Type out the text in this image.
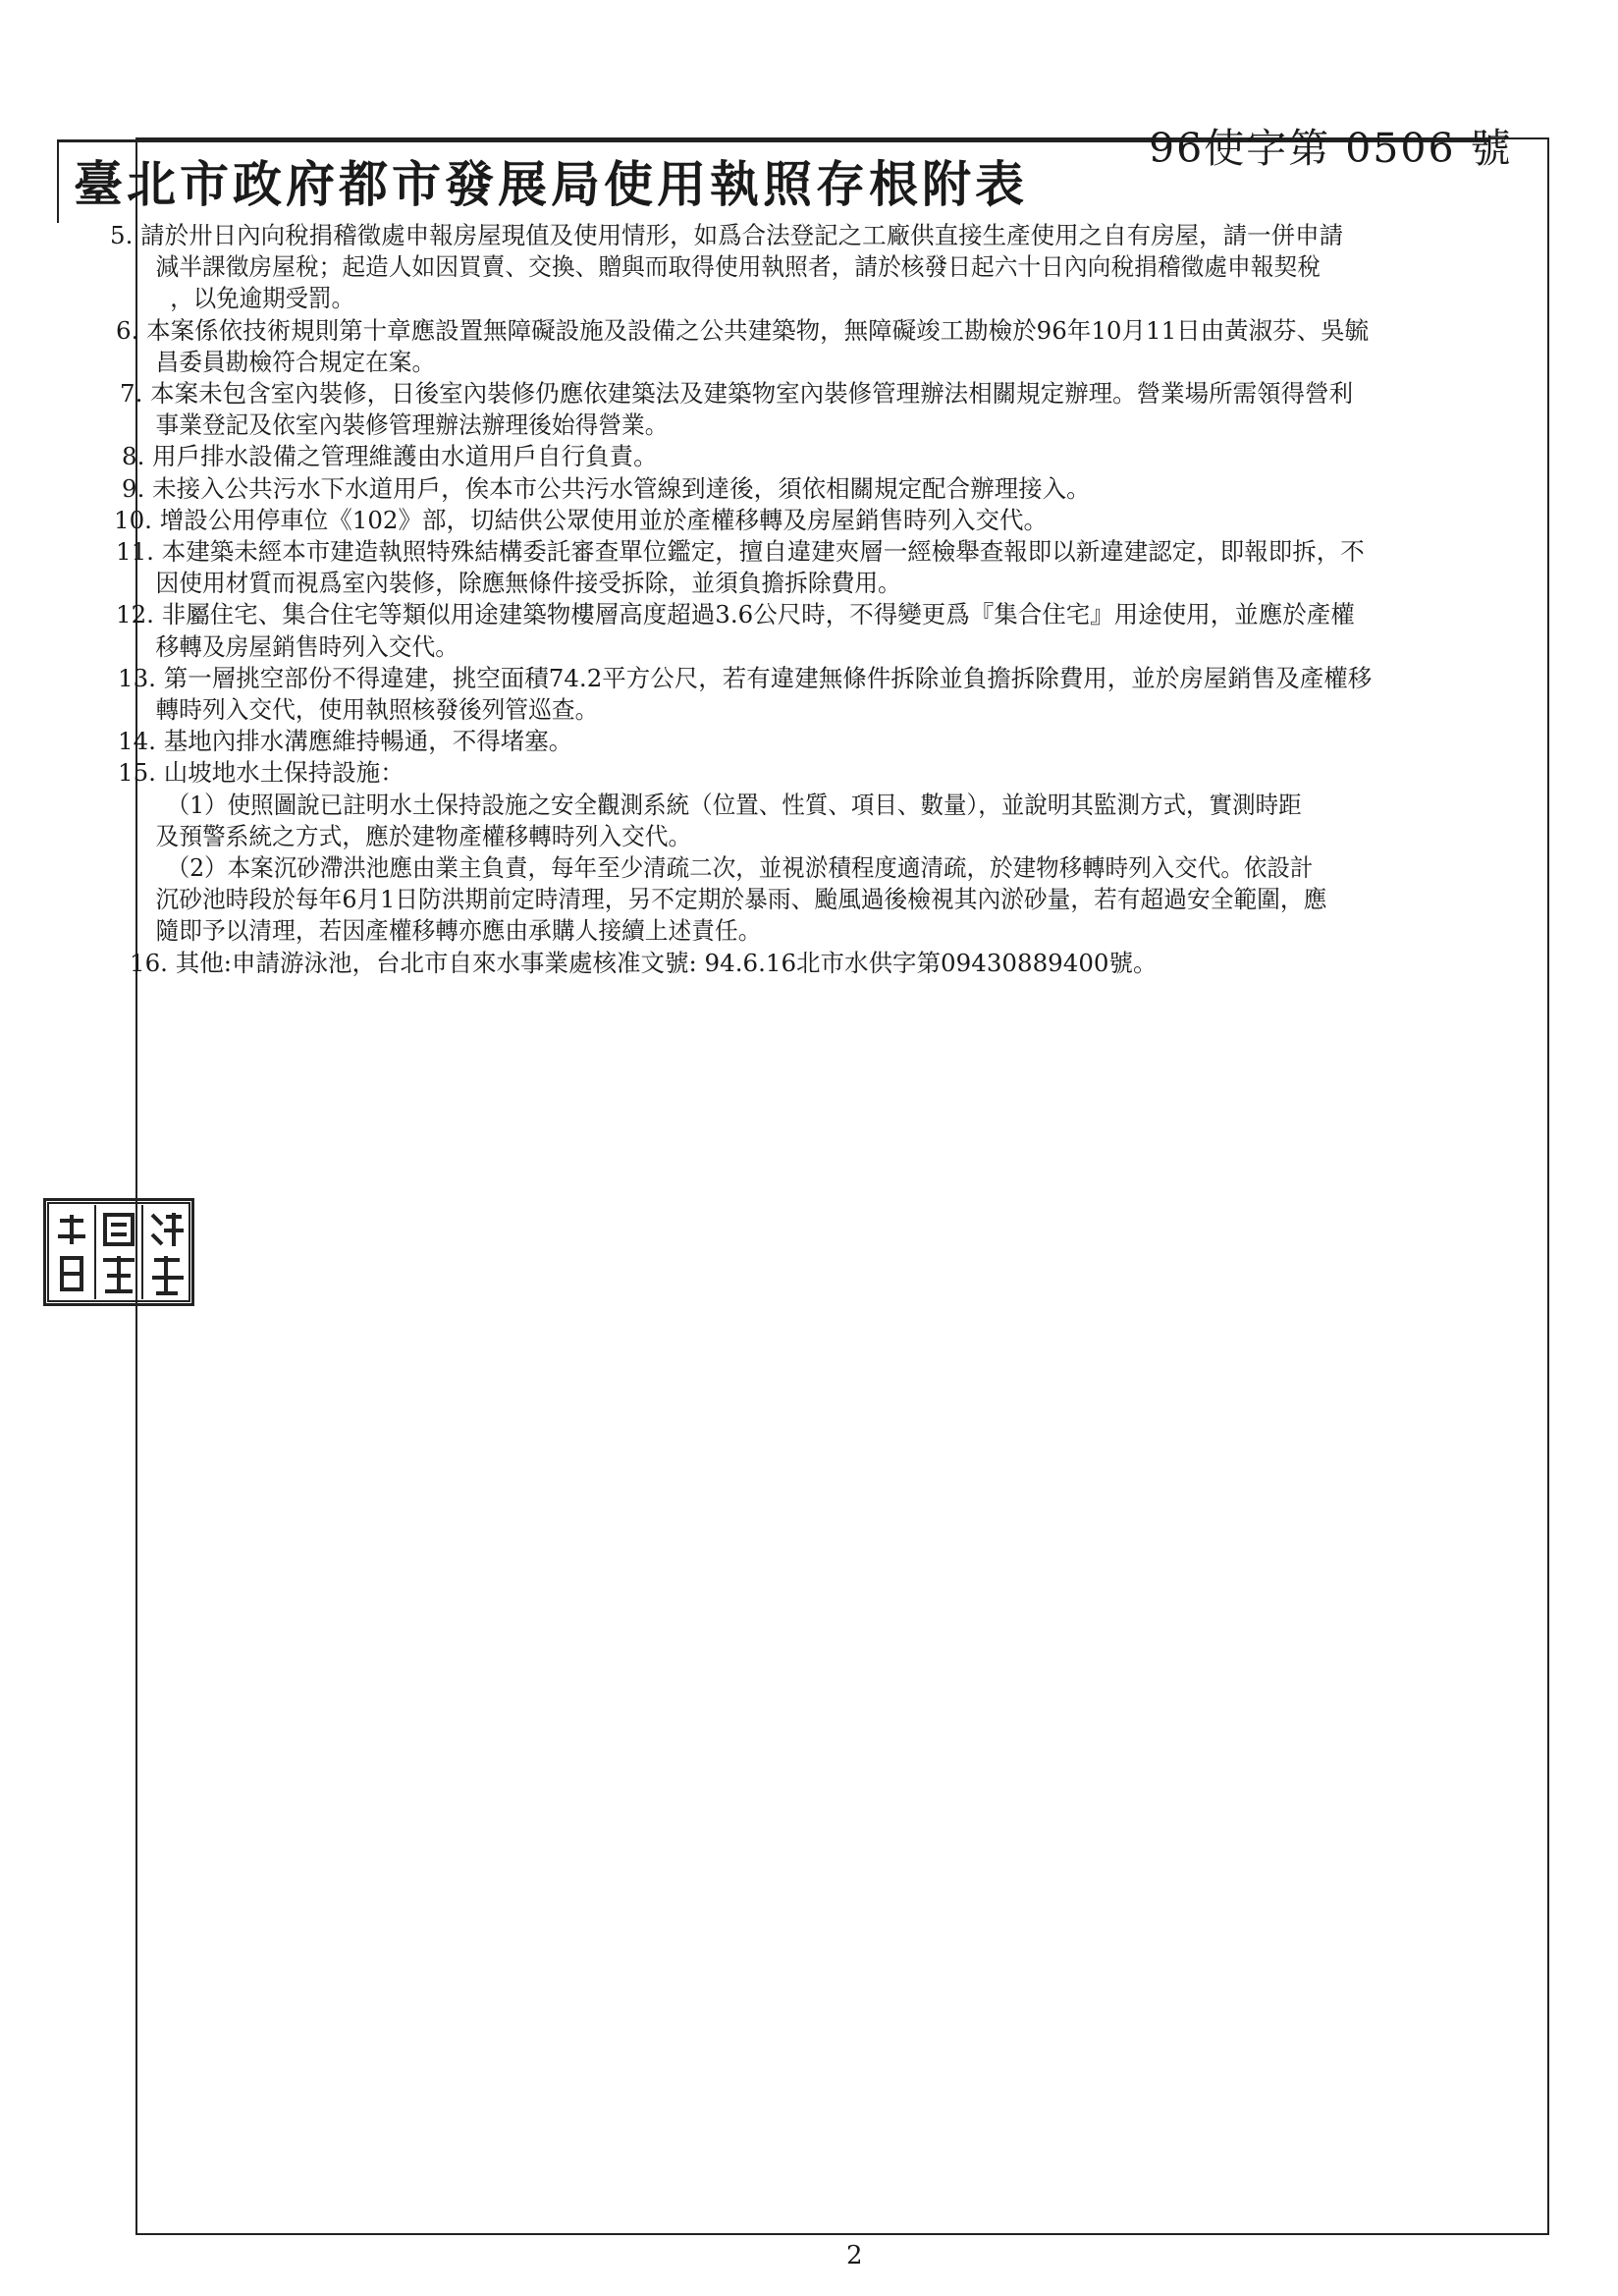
臺北市政府都市發展局使用執照存根附表
96使字第 0506 號
5. 請於卅日內向稅捐稽徵處申報房屋現值及使用情形，如爲合法登記之工廠供直接生產使用之自有房屋，請一併申請
減半課徵房屋稅；起造人如因買賣、交換、贈與而取得使用執照者，請於核發日起六十日內向稅捐稽徵處申報契稅
，以免逾期受罰。
6. 本案係依技術規則第十章應設置無障礙設施及設備之公共建築物，無障礙竣工勘檢於96年10月11日由黃淑芬、吳毓
昌委員勘檢符合規定在案。
7. 本案未包含室內裝修，日後室內裝修仍應依建築法及建築物室內裝修管理辦法相關規定辦理。營業場所需領得營利
事業登記及依室內裝修管理辦法辦理後始得營業。
8. 用戶排水設備之管理維護由水道用戶自行負責。
9. 未接入公共污水下水道用戶，俟本市公共污水管線到達後，須依相關規定配合辦理接入。
10. 增設公用停車位《102》部，切結供公眾使用並於產權移轉及房屋銷售時列入交代。
11. 本建築未經本市建造執照特殊結構委託審查單位鑑定，擅自違建夾層一經檢舉查報即以新違建認定，即報即拆，不
因使用材質而視爲室內裝修，除應無條件接受拆除，並須負擔拆除費用。
12. 非屬住宅、集合住宅等類似用途建築物樓層高度超過3.6公尺時，不得變更爲『集合住宅』用途使用，並應於產權
移轉及房屋銷售時列入交代。
13. 第一層挑空部份不得違建，挑空面積74.2平方公尺，若有違建無條件拆除並負擔拆除費用，並於房屋銷售及產權移
轉時列入交代，使用執照核發後列管巡查。
14. 基地內排水溝應維持暢通，不得堵塞。
15. 山坡地水土保持設施：
（1）使照圖說已註明水土保持設施之安全觀測系統（位置、性質、項目、數量），並說明其監測方式，實測時距
及預警系統之方式，應於建物產權移轉時列入交代。
（2）本案沉砂滯洪池應由業主負責，每年至少清疏二次，並視淤積程度適清疏，於建物移轉時列入交代。依設計
沉砂池時段於每年6月1日防洪期前定時清理，另不定期於暴雨、颱風過後檢視其內淤砂量，若有超過安全範圍，應
隨即予以清理，若因產權移轉亦應由承購人接續上述責任。
16. 其他:申請游泳池，台北市自來水事業處核准文號: 94.6.16北市水供字第09430889400號。
2
